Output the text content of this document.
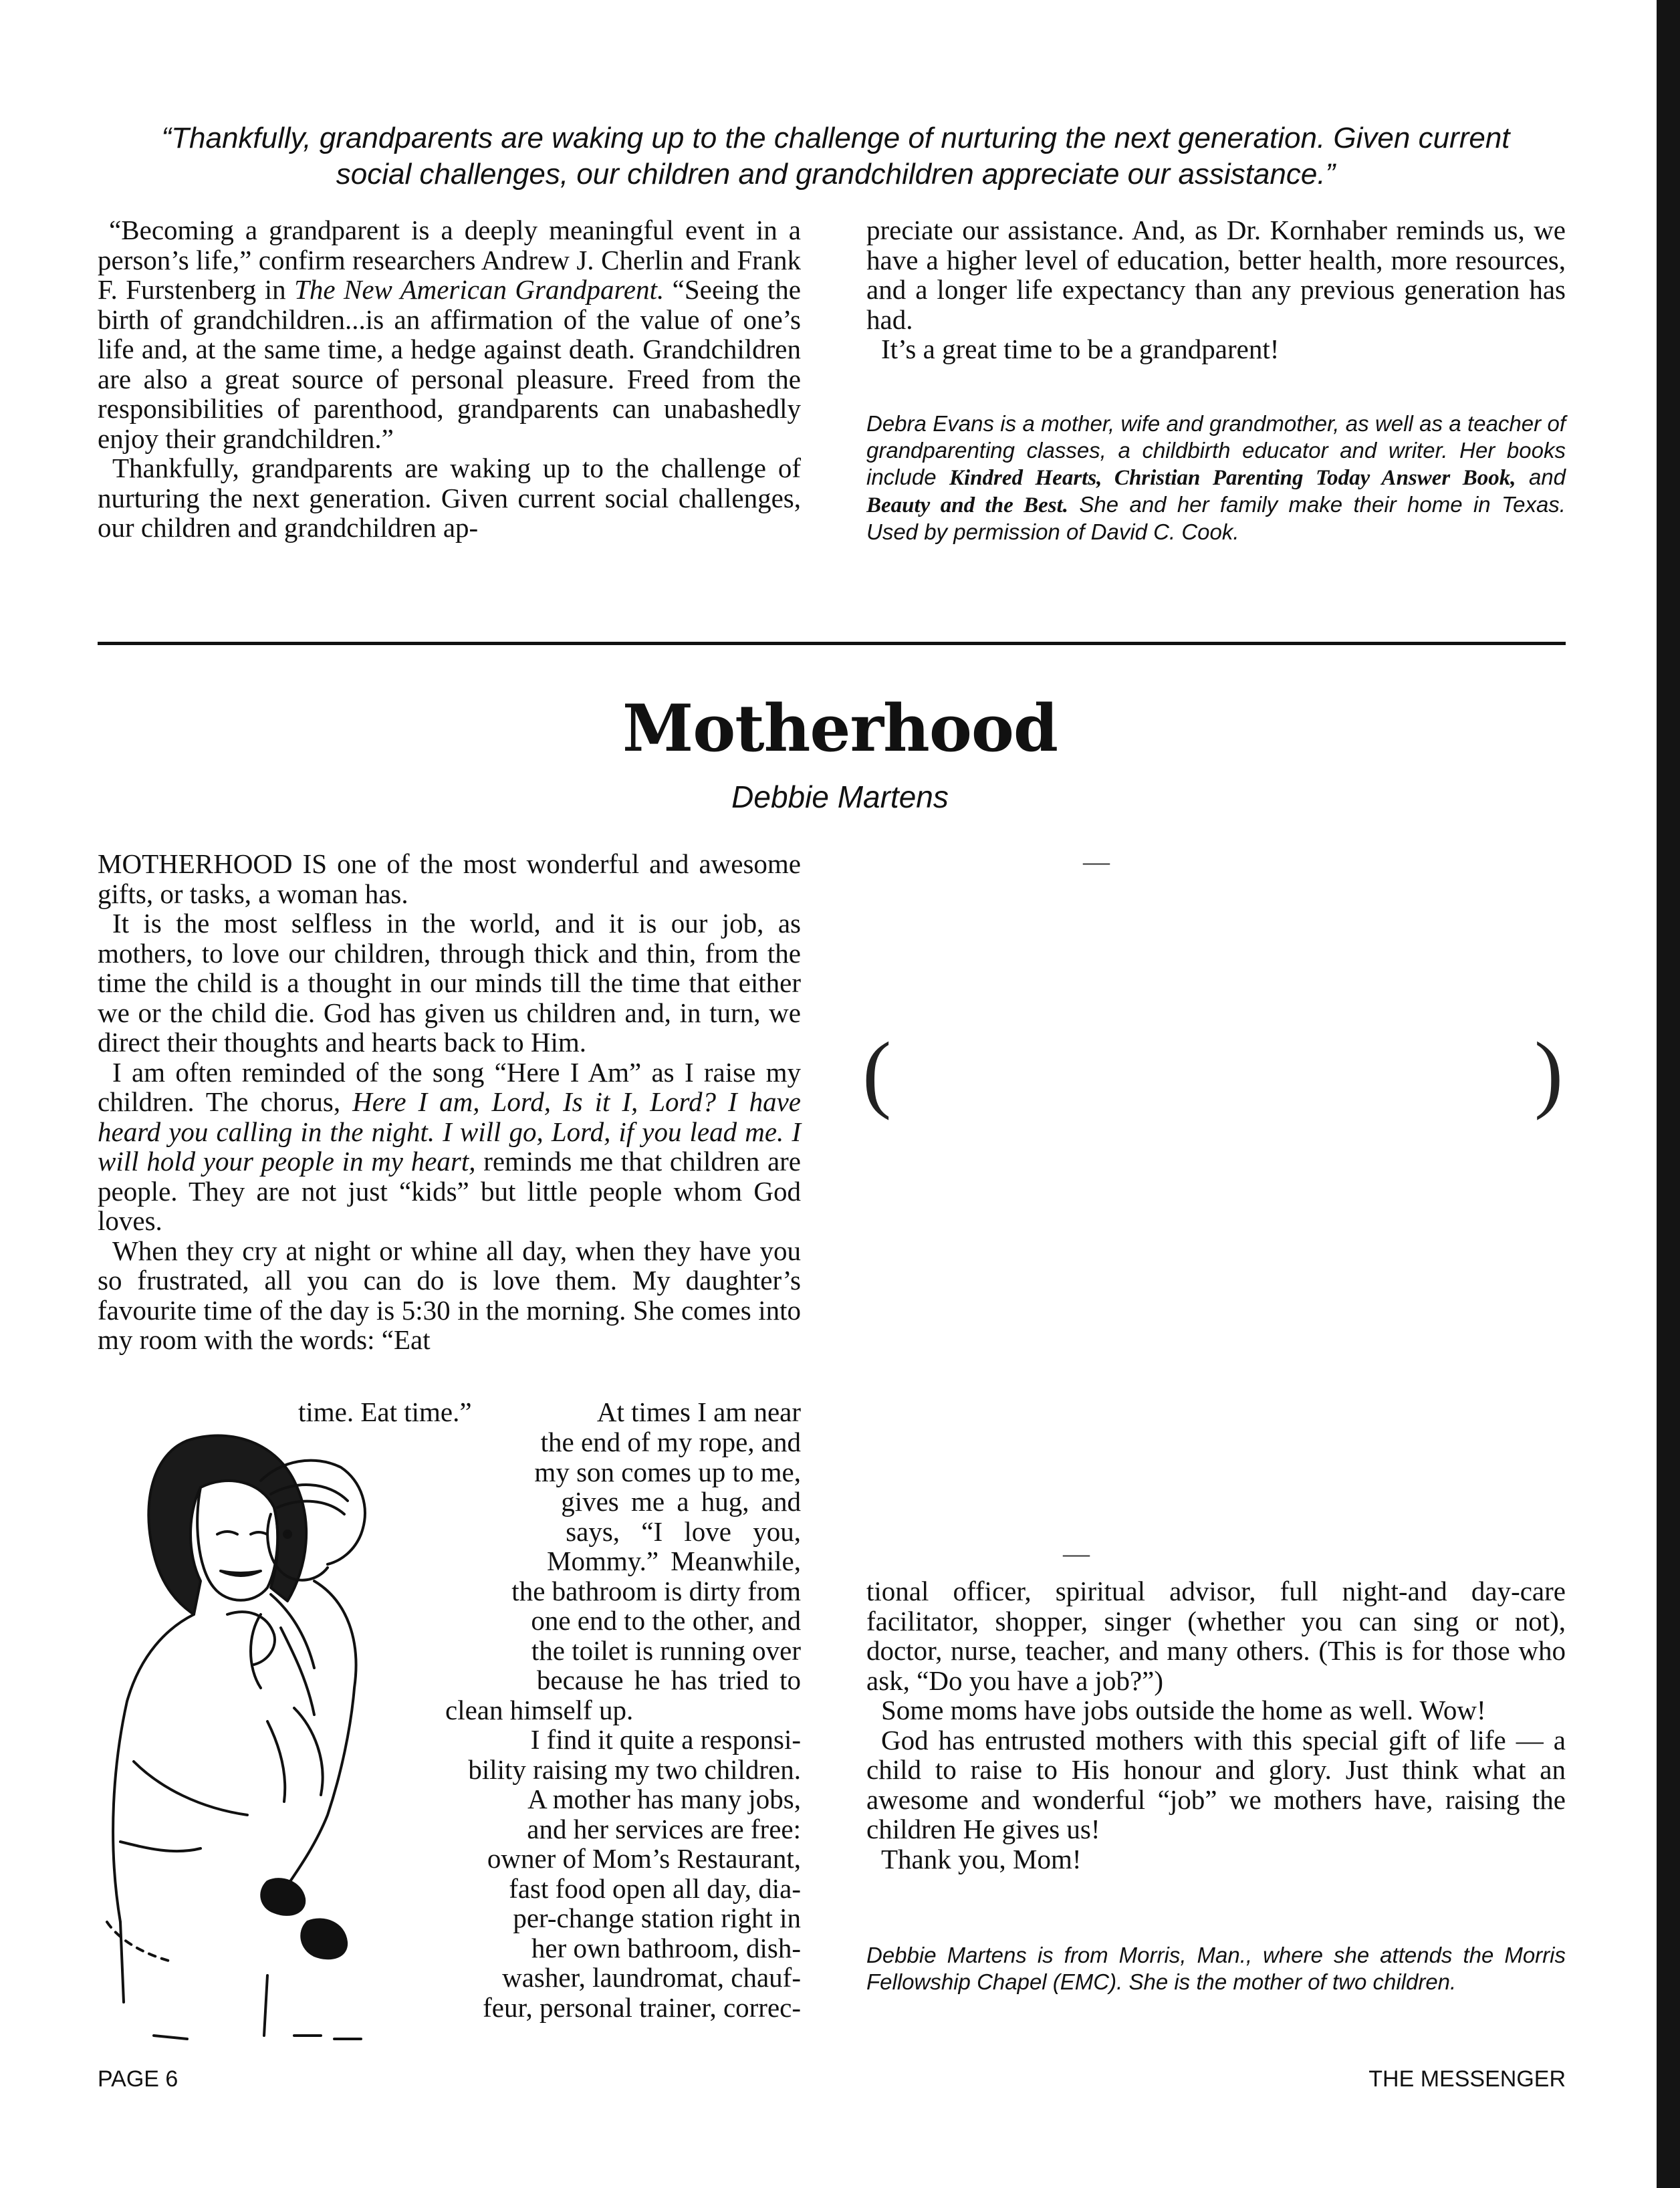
“Thankfully, grandparents are waking up to the challenge of nurturing the next generation. Given current
social challenges, our children and grandchildren appreciate our assistance.”

“Becoming a grandparent is a deeply meaningful event in a person’s life,” confirm researchers Andrew J. Cherlin and Frank F. Furstenberg in The New American Grandparent. “Seeing the birth of grandchildren...is an affirmation of the value of one’s life and, at the same time, a hedge against death. Grandchildren are also a great source of personal pleasure. Freed from the responsibilities of parenthood, grandparents can unabashedly enjoy their grandchildren.”

Thankfully, grandparents are waking up to the challenge of nurturing the next generation. Given current social challenges, our children and grandchildren ap-

preciate our assistance. And, as Dr. Kornhaber reminds us, we have a higher level of education, better health, more resources, and a longer life expectancy than any previous generation has had.

It’s a great time to be a grandparent!

Debra Evans is a mother, wife and grandmother, as well as a teacher of grandparenting classes, a childbirth educator and writer. Her books include Kindred Hearts, Christian Parenting Today Answer Book, and Beauty and the Best. She and her family make their home in Texas. Used by permission of David C. Cook.
Motherhood
Debbie Martens

MOTHERHOOD IS one of the most wonderful and awesome gifts, or tasks, a woman has.

It is the most selfless in the world, and it is our job, as mothers, to love our children, through thick and thin, from the time the child is a thought in our minds till the time that either we or the child die. God has given us children and, in turn, we direct their thoughts and hearts back to Him.

I am often reminded of the song “Here I Am” as I raise my children. The chorus, Here I am, Lord, Is it I, Lord? I have heard you calling in the night. I will go, Lord, if you lead me. I will hold your people in my heart, reminds me that children are people. They are not just “kids” but little people whom God loves.

When they cry at night or whine all day, when they have you so frustrated, all you can do is love them. My daughter’s favourite time of the day is 5:30 in the morning. She comes into my room with the words: “Eat

time. Eat time.”	At times I am near
the end of my rope, and
my son comes up to me,
gives me a hug, and
says, “I love you,
Mommy.” Meanwhile,
the bathroom is dirty from
one end to the other, and
the toilet is running over
because he has tried to
clean himself up.
I find it quite a responsi-
bility raising my two children.
A mother has many jobs,
and her services are free:
owner of Mom’s Restaurant,
fast food open all day, dia-
per-change station right in
her own bathroom, dish-
washer, laundromat, chauf-
feur, personal trainer, correc-
—
(	)
—

tional officer, spiritual advisor, full night-and day-care facilitator, shopper, singer (whether you can sing or not), doctor, nurse, teacher, and many others. (This is for those who ask, “Do you have a job?”)

Some moms have jobs outside the home as well. Wow!

God has entrusted mothers with this special gift of life — a child to raise to His honour and glory. Just think what an awesome and wonderful “job” we mothers have, raising the children He gives us!

Thank you, Mom!

Debbie Martens is from Morris, Man., where she attends the Morris Fellowship Chapel (EMC). She is the mother of two children.
PAGE 6	THE MESSENGER
